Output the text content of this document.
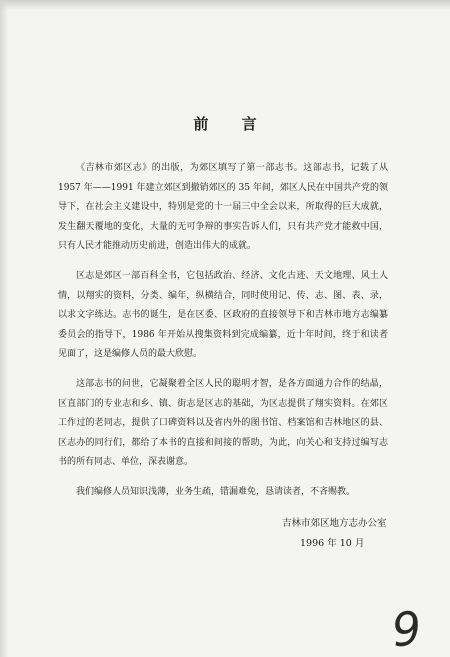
前 言

《吉林市郊区志》的出版，为郊区填写了第一部志书。这部志书，记载了从 1957 年——1991 年建立郊区到撤销郊区的 35 年间，郊区人民在中国共产党的领导下，在社会主义建设中，特别是党的十一届三中全会以来，所取得的巨大成就，发生翻天覆地的变化，大量的无可争辩的事实告诉人们，只有共产党才能救中国，只有人民才能推动历史前进，创造出伟大的成就。

区志是郊区一部百科全书，它包括政治、经济、文化古迹、天文地理、风土人情，以翔实的资料，分类、编年，纵横结合，同时使用记、传、志、图、表、录，以求文字练达。志书的诞生，是在区委、区政府的直接领导下和吉林市地方志编纂委员会的指导下，1986 年开始从搜集资料到完成编纂，近十年时间，终于和读者见面了，这是编修人员的最大欣慰。

这部志书的问世，它凝聚着全区人民的聪明才智，是各方面通力合作的结晶，区直部门的专业志和乡、镇、街志是区志的基础，为区志提供了翔实资料。在郊区工作过的老同志，提供了口碑资料以及省内外的图书馆、档案馆和吉林地区的县、区志办的同行们，都给了本书的直接和间接的帮助，为此，向关心和支持过编写志书的所有同志、单位，深表谢意。

我们编修人员知识浅薄，业务生疏，错漏难免，恳请读者，不吝赐教。

吉林市郊区地方志办公室
1996 年 10 月
9
